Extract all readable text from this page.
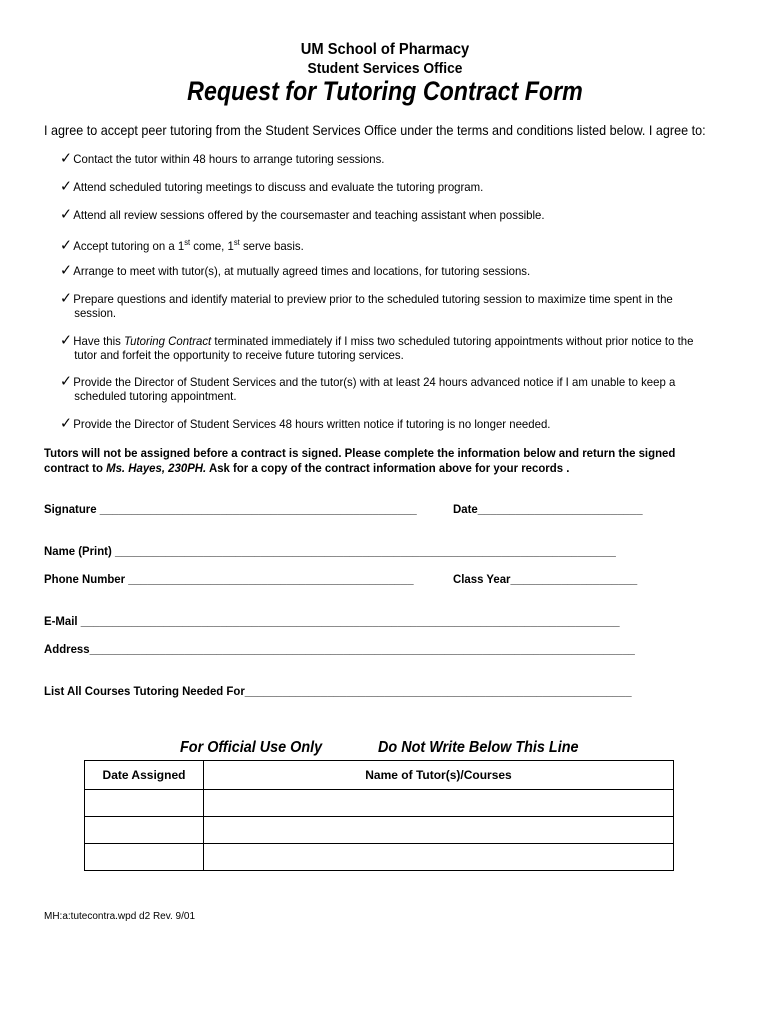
UM School of Pharmacy
Student Services Office
Request for Tutoring Contract Form
I agree to accept peer tutoring from the Student Services Office under the terms and conditions listed below. I agree to:
✓Contact the tutor within 48 hours to arrange tutoring sessions.
✓Attend scheduled tutoring meetings to discuss and evaluate the tutoring program.
✓Attend all review sessions offered by the coursemaster and teaching assistant when possible.
✓Accept tutoring on a 1st come, 1st serve basis.
✓Arrange to meet with tutor(s), at mutually agreed times and locations, for tutoring sessions.
✓Prepare questions and identify material to preview prior to the scheduled tutoring session to maximize time spent in the
session.
✓Have this Tutoring Contract terminated immediately if I miss two scheduled tutoring appointments without prior notice to the
tutor and forfeit the opportunity to receive future tutoring services.
✓Provide the Director of Student Services and the tutor(s) with at least 24 hours advanced notice if I am unable to keep a
scheduled tutoring appointment.
✓Provide the Director of Student Services 48 hours written notice if tutoring is no longer needed.
Tutors will not be assigned before a contract is signed. Please complete the information below and return the signed
contract to Ms. Hayes, 230PH. Ask for a copy of the contract information above for your records .
Signature __________________________________________________	Date__________________________
Name (Print) _______________________________________________________________________________
Phone Number _____________________________________________	Class Year____________________
E-Mail _____________________________________________________________________________________
Address______________________________________________________________________________________
List All Courses Tutoring Needed For_____________________________________________________________
For Official Use Only	Do Not Write Below This Line
Date Assigned	Name of Tutor(s)/Courses

MH:a:tutecontra.wpd d2 Rev. 9/01
